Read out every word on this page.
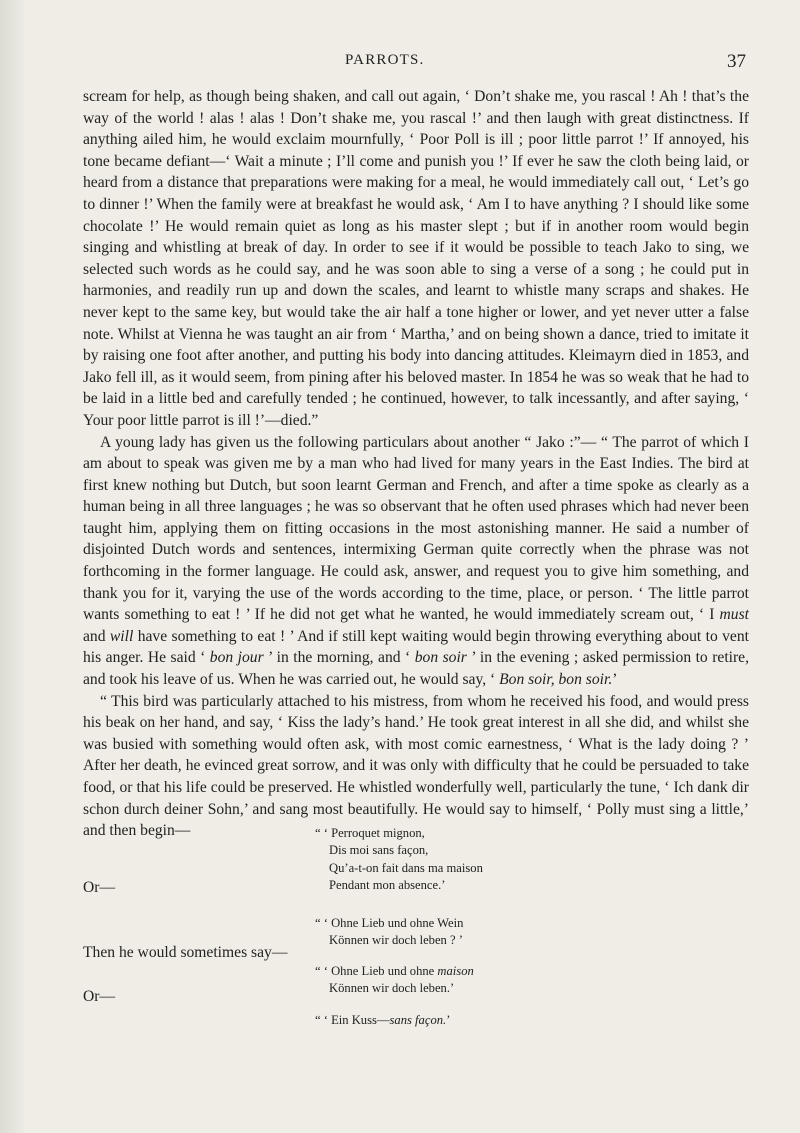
PARROTS.	37

scream for help, as though being shaken, and call out again, ‘ Don’t shake me, you rascal ! Ah ! that’s the way of the world ! alas ! alas ! Don’t shake me, you rascal !’ and then laugh with great distinctness. If anything ailed him, he would exclaim mournfully, ‘ Poor Poll is ill ; poor little parrot !’ If annoyed, his tone became defiant—‘ Wait a minute ; I’ll come and punish you !’ If ever he saw the cloth being laid, or heard from a distance that preparations were making for a meal, he would immediately call out, ‘ Let’s go to dinner !’ When the family were at breakfast he would ask, ‘ Am I to have anything ? I should like some chocolate !’ He would remain quiet as long as his master slept ; but if in another room would begin singing and whistling at break of day. In order to see if it would be possible to teach Jako to sing, we selected such words as he could say, and he was soon able to sing a verse of a song ; he could put in harmonies, and readily run up and down the scales, and learnt to whistle many scraps and shakes. He never kept to the same key, but would take the air half a tone higher or lower, and yet never utter a false note. Whilst at Vienna he was taught an air from ‘ Martha,’ and on being shown a dance, tried to imitate it by raising one foot after another, and putting his body into dancing attitudes. Kleimayrn died in 1853, and Jako fell ill, as it would seem, from pining after his beloved master. In 1854 he was so weak that he had to be laid in a little bed and carefully tended ; he continued, however, to talk incessantly, and after saying, ‘ Your poor little parrot is ill !’—died.”

A young lady has given us the following particulars about another “ Jako :”— “ The parrot of which I am about to speak was given me by a man who had lived for many years in the East Indies. The bird at first knew nothing but Dutch, but soon learnt German and French, and after a time spoke as clearly as a human being in all three languages ; he was so observant that he often used phrases which had never been taught him, applying them on fitting occasions in the most astonishing manner. He said a number of disjointed Dutch words and sentences, intermixing German quite correctly when the phrase was not forthcoming in the former language. He could ask, answer, and request you to give him something, and thank you for it, varying the use of the words according to the time, place, or person. ‘ The little parrot wants something to eat ! ’ If he did not get what he wanted, he would immediately scream out, ‘ I must and will have something to eat ! ’ And if still kept waiting would begin throwing everything about to vent his anger. He said ‘ bon jour ’ in the morning, and ‘ bon soir ’ in the evening ; asked permission to retire, and took his leave of us. When he was carried out, he would say, ‘ Bon soir, bon soir.’

“ This bird was particularly attached to his mistress, from whom he received his food, and would press his beak on her hand, and say, ‘ Kiss the lady’s hand.’ He took great interest in all she did, and whilst she was busied with something would often ask, with most comic earnestness, ‘ What is the lady doing ? ’ After her death, he evinced great sorrow, and it was only with difficulty that he could be persuaded to take food, or that his life could be preserved. He whistled wonderfully well, particularly the tune, ‘ Ich dank dir schon durch deiner Sohn,’ and sang most beautifully. He would say to himself, ‘ Polly must sing a little,’ and then begin—	“ ‘ Perroquet mignon,
Dis moi sans façon,
Qu’a-t-on fait dans ma maison
Pendant mon absence.’
Or—
“ ‘ Ohne Lieb und ohne Wein
Können wir doch leben ? ’
Then he would sometimes say—
“ ‘ Ohne Lieb und ohne maison
Können wir doch leben.’
Or—
“ ‘ Ein Kuss—sans façon.’
